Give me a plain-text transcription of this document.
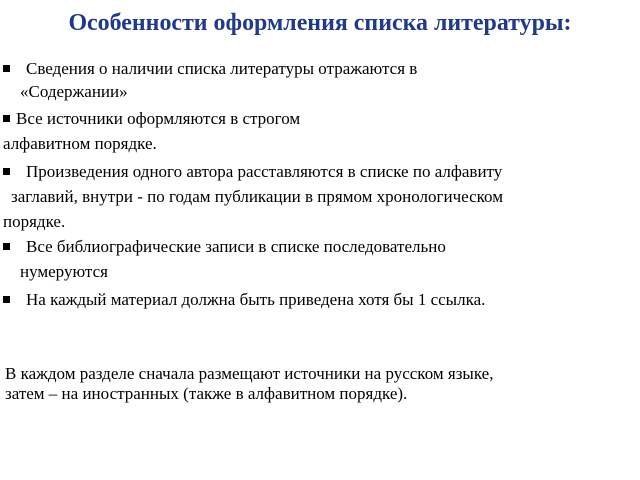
Особенности оформления списка литературы:
Сведения о наличии списка литературы отражаются в
«Содержании»
Все источники оформляются в строгом
алфавитном порядке.
Произведения одного автора расставляются в списке по алфавиту
заглавий, внутри - по годам публикации в прямом хронологическом
порядке.
Все библиографические записи в списке последовательно
нумеруются
На каждый материал должна быть приведена хотя бы 1 ссылка.
В каждом разделе сначала размещают источники на русском языке,
затем – на иностранных (также в алфавитном порядке).
